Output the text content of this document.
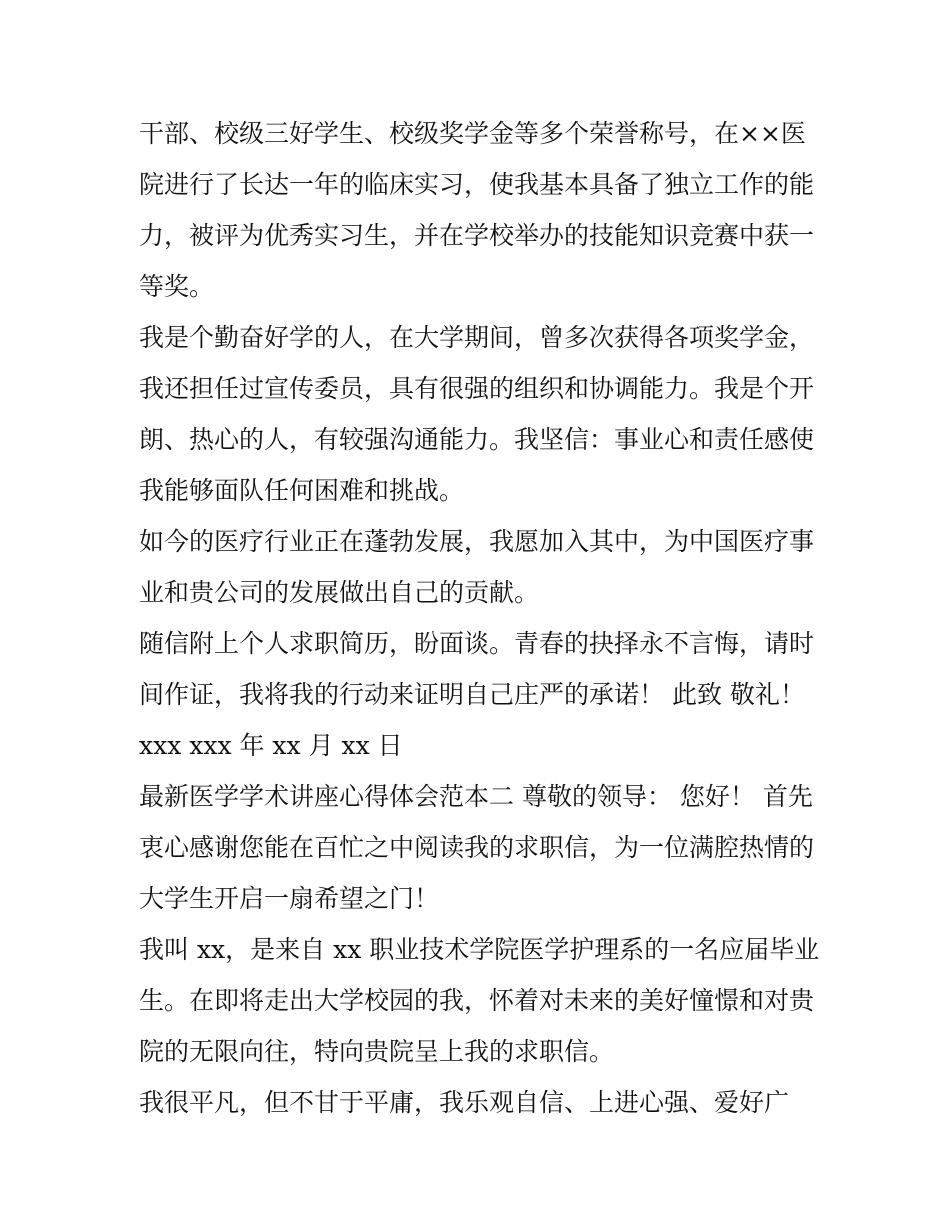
干部、校级三好学生、校级奖学金等多个荣誉称号，在××医
院进行了长达一年的临床实习，使我基本具备了独立工作的能
力，被评为优秀实习生，并在学校举办的技能知识竞赛中获一
等奖。
我是个勤奋好学的人，在大学期间，曾多次获得各项奖学金，
我还担任过宣传委员，具有很强的组织和协调能力。我是个开
朗、热心的人，有较强沟通能力。我坚信：事业心和责任感使
我能够面队任何困难和挑战。
如今的医疗行业正在蓬勃发展，我愿加入其中，为中国医疗事
业和贵公司的发展做出自己的贡献。
随信附上个人求职简历，盼面谈。青春的抉择永不言悔，请时
间作证，我将我的行动来证明自己庄严的承诺！ 此致 敬礼！
xxx xxx 年 xx 月 xx 日
最新医学学术讲座心得体会范本二 尊敬的领导： 您好！ 首先
衷心感谢您能在百忙之中阅读我的求职信，为一位满腔热情的
大学生开启一扇希望之门！
我叫 xx，是来自 xx 职业技术学院医学护理系的一名应届毕业
生。在即将走出大学校园的我，怀着对未来的美好憧憬和对贵
院的无限向往，特向贵院呈上我的求职信。
我很平凡，但不甘于平庸，我乐观自信、上进心强、爱好广
